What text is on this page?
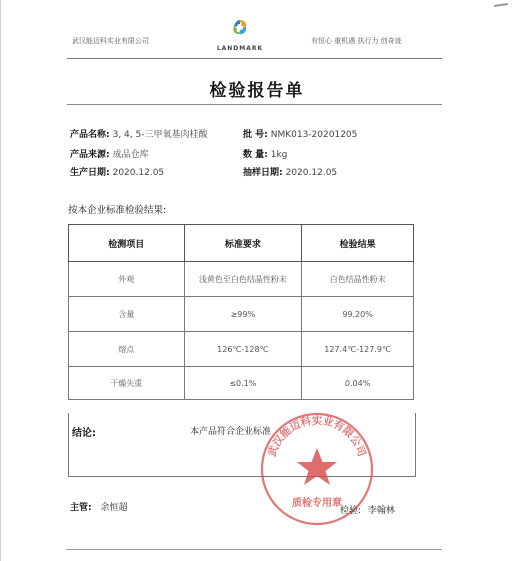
武汉能迈科实业有限公司
LANDMARK
有恒心 重机遇 执行力 创奇迹
检验报告单
产品名称: 3, 4, 5-三甲氧基肉桂酸	批 号: NMK013-20201205
产品来源: 成品仓库	数 量: 1kg
生产日期: 2020.12.05	抽样日期: 2020.12.05
按本企业标准检验结果:
检测项目	标准要求	检验结果
外观	浅黄色至白色结晶性粉末	白色结晶性粉末
含量	≥99%	99.20%
熔点	126℃-128℃	127.4℃-127.9℃
干燥失重	≤0.1%	0.04%
结论:	本产品符合企业标准
武汉能迈科实业有限公司
质检专用章
主管: 余恒超	检验: 李翰林
